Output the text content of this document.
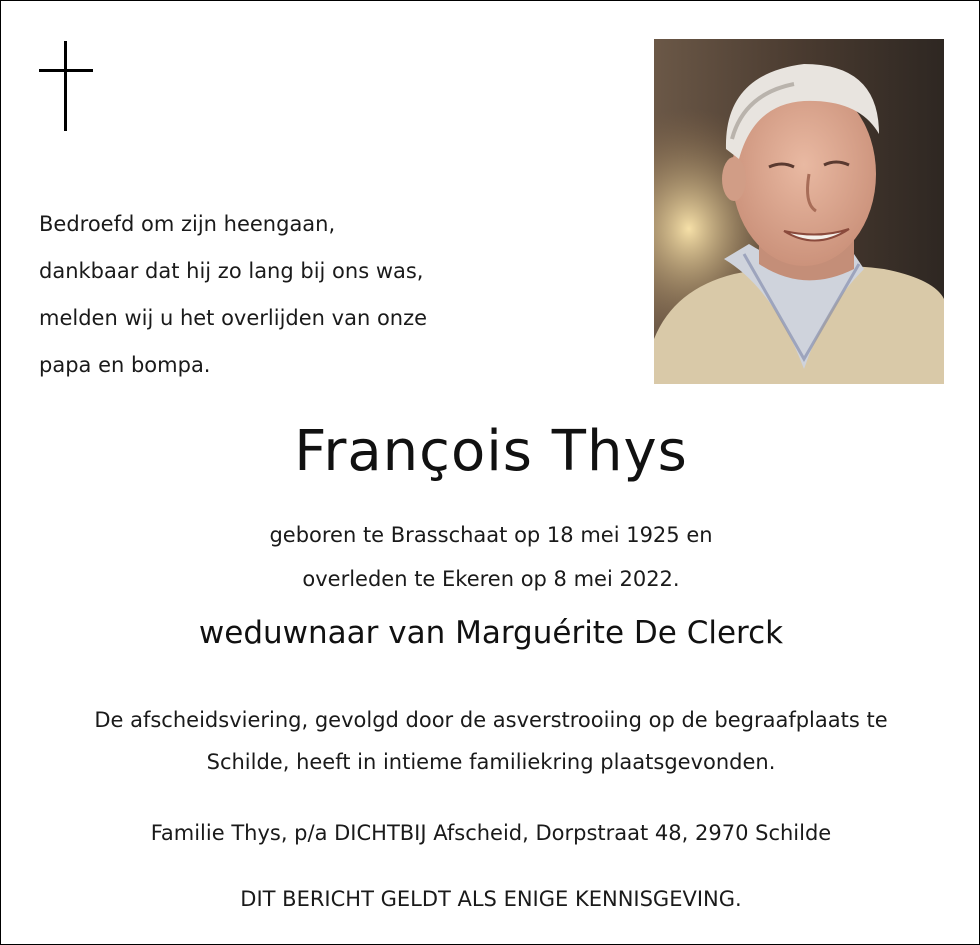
Bedroefd om zijn heengaan,
dankbaar dat hij zo lang bij ons was,
melden wij u het overlijden van onze
papa en bompa.
François Thys
geboren te Brasschaat op 18 mei 1925 en
overleden te Ekeren op 8 mei 2022.
weduwnaar van Marguérite De Clerck
De afscheidsviering, gevolgd door de asverstrooiing op de begraafplaats te
Schilde, heeft in intieme familiekring plaatsgevonden.
Familie Thys, p/a DICHTBIJ Afscheid, Dorpstraat 48, 2970 Schilde
DIT BERICHT GELDT ALS ENIGE KENNISGEVING.
